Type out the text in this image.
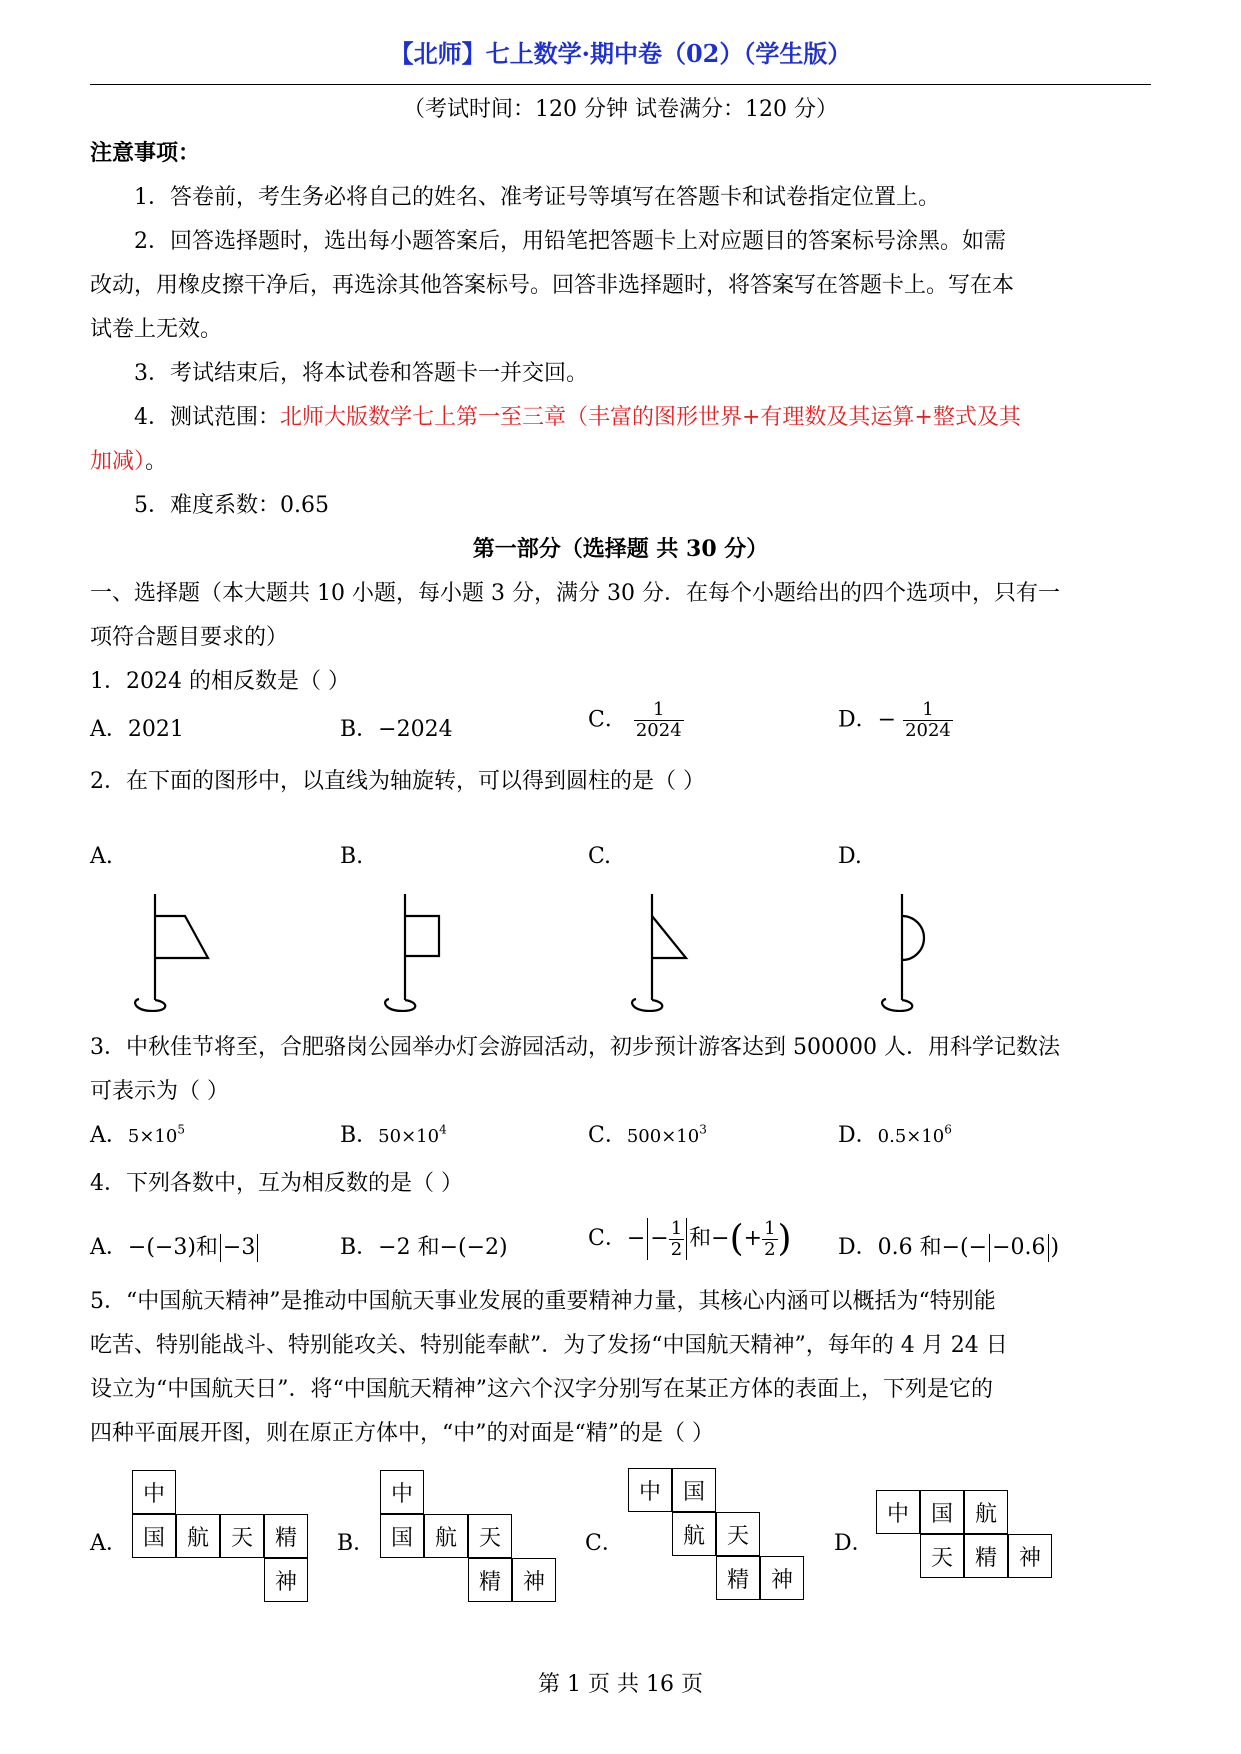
【北师】七上数学·期中卷（02）（学生版）
（考试时间：120 分钟 试卷满分：120 分）
注意事项：
1．答卷前，考生务必将自己的姓名、准考证号等填写在答题卡和试卷指定位置上。
2．回答选择题时，选出每小题答案后，用铅笔把答题卡上对应题目的答案标号涂黑。如需
改动，用橡皮擦干净后，再选涂其他答案标号。回答非选择题时，将答案写在答题卡上。写在本
试卷上无效。
3．考试结束后，将本试卷和答题卡一并交回。
4．测试范围：北师大版数学七上第一至三章（丰富的图形世界+有理数及其运算+整式及其
加减）。
5．难度系数：0.65
第一部分（选择题 共 30 分）
一、选择题（本大题共 10 小题，每小题 3 分，满分 30 分．在每个小题给出的四个选项中，只有一
项符合题目要求的）
1．2024 的相反数是（ ）
A．2021	B．−2024	C． $\frac{1}{2024}$	D．− $\frac{1}{2024}$
2．在下面的图形中，以直线为轴旋转，可以得到圆柱的是（ ）
A.	B.	C.	D.
3．中秋佳节将至，合肥骆岗公园举办灯会游园活动，初步预计游客达到 500000 人．用科学记数法
可表示为（ ）
A．$5\times 10^5$	B．$50\times 10^4$	C．$500\times 10^3$	D．$0.5\times 10^6$
4．下列各数中，互为相反数的是（ ）
A．−(−3)和 −3	B．−2 和−(−2)	C．− − $\frac{1}{2}$ 和−(+ $\frac{1}{2}$ ) D．0.6 和−(− −0.6 )
5．“中国航天精神”是推动中国航天事业发展的重要精神力量，其核心内涵可以概括为“特别能
吃苦、特别能战斗、特别能攻关、特别能奉献”．为了发扬“中国航天精神”，每年的 4 月 24 日
设立为“中国航天日”．将“中国航天精神”这六个汉字分别写在某正方体的表面上，下列是它的
四种平面展开图，则在原正方体中，“中”的对面是“精”的是（ ）
A．	B．	C．	D．
中
国 航 天 精
神
中
国 航 天
精 神
中 国
航 天
精 神
中 国 航
天 精 神
第 1 页 共 16 页
